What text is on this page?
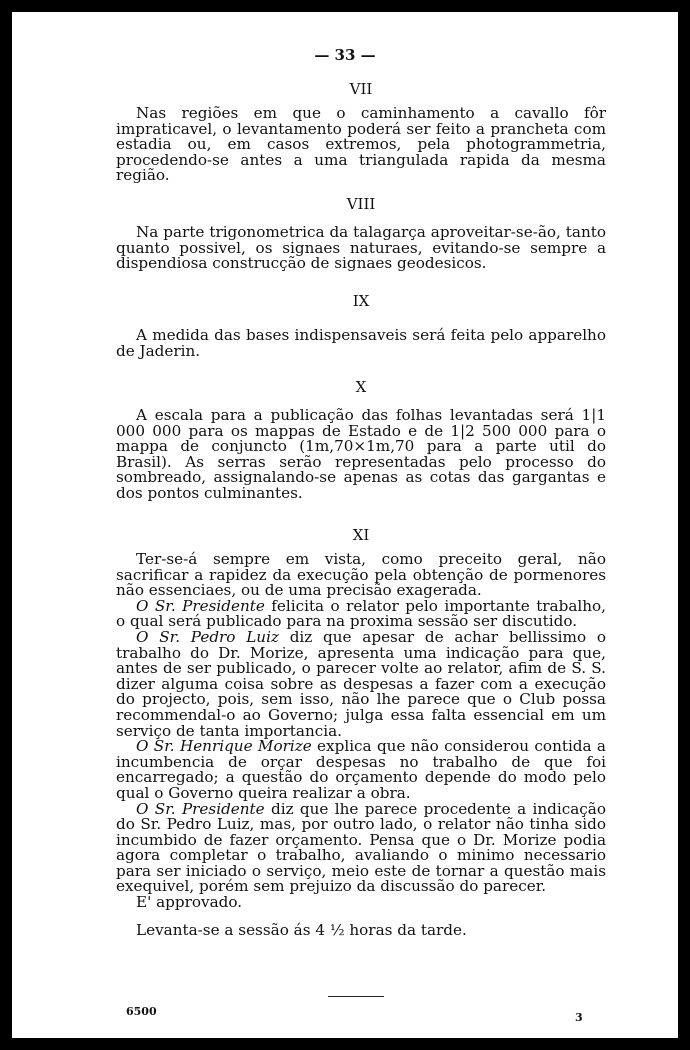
— 33 —
VII

Nas regiões em que o caminhamento a cavallo fôr impraticavel, o levantamento poderá ser feito a prancheta com estadia ou, em casos extremos, pela photogrammetria, procedendo-se antes a uma triangulada rapida da mesma região.

VIII

Na parte trigonometrica da talagarça aproveitar-se-ão, tanto quanto possivel, os signaes naturaes, evitando-se sempre a dispendiosa construcção de signaes geodesicos.

IX

A medida das bases indispensaveis será feita pelo apparelho de Jaderin.

X

A escala para a publicação das folhas levantadas será 1|1 000 000 para os mappas de Estado e de 1|2 500 000 para o mappa de conjuncto (1m,70×1m,70 para a parte util do Brasil). As serras serão representadas pelo processo do sombreado, assignalando-se apenas as cotas das gargantas e dos pontos culminantes.

XI

Ter-se-á sempre em vista, como preceito geral, não sacrificar a rapidez da execução pela obtenção de pormenores não essenciaes, ou de uma precisão exagerada.

O Sr. Presidente felicita o relator pelo importante trabalho, o qual será publicado para na proxima sessão ser discutido.

O Sr. Pedro Luiz diz que apesar de achar bellissimo o trabalho do Dr. Morize, apresenta uma indicação para que, antes de ser publicado, o parecer volte ao relator, afim de S. S. dizer alguma coisa sobre as despesas a fazer com a execução do projecto, pois, sem isso, não lhe parece que o Club possa recommendal-o ao Governo; julga essa falta essencial em um serviço de tanta importancia.

O Sr. Henrique Morize explica que não considerou contida a incumbencia de orçar despesas no trabalho de que foi encarregado; a questão do orçamento depende do modo pelo qual o Governo queira realizar a obra.

O Sr. Presidente diz que lhe parece procedente a indicação do Sr. Pedro Luiz, mas, por outro lado, o relator não tinha sido incumbido de fazer orçamento. Pensa que o Dr. Morize podia agora completar o trabalho, avaliando o minimo necessario para ser iniciado o serviço, meio este de tornar a questão mais exequivel, porém sem prejuizo da discussão do parecer.

E' approvado.

Levanta-se a sessão ás 4 ½ horas da tarde.

6500	3
